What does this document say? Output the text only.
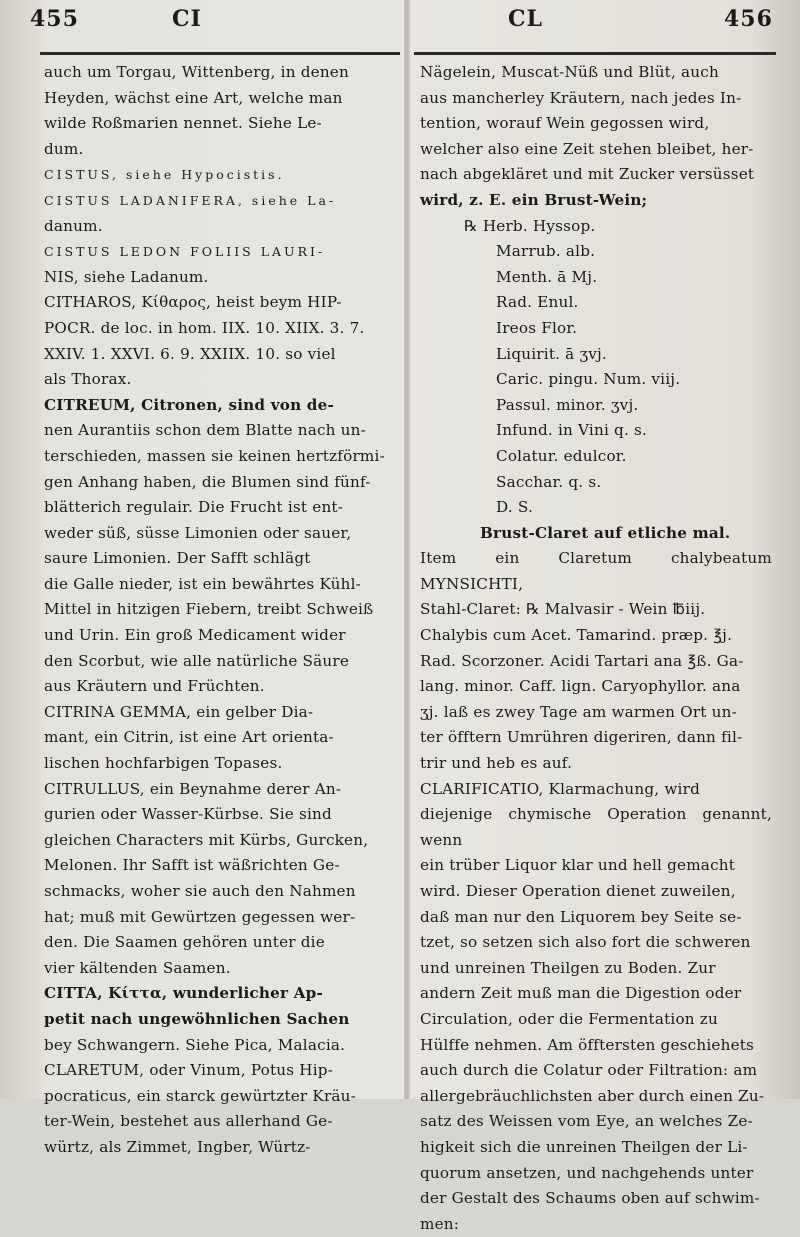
455	CI	CL	456

auch um Torgau, Wittenberg, in denen

Heyden, wächst eine Art, welche man

wilde Roßmarien nennet. Siehe Le-

dum.

CISTUS, siehe Hypocistis.

CISTUS LADANIFERA, siehe La-

danum.

CISTUS LEDON FOLIIS LAURI-

NIS, siehe Ladanum.

CITHAROS, Κίθαρος, heist beym HIP-

POCR. de loc. in hom. IIX. 10. XIIX. 3. 7.

XXIV. 1. XXVI. 6. 9. XXIIX. 10. so viel

als Thorax.

CITREUM, Citronen, sind von de-

nen Aurantiis schon dem Blatte nach un-

terschieden, massen sie keinen hertzförmi-

gen Anhang haben, die Blumen sind fünf-

blätterich regulair. Die Frucht ist ent-

weder süß, süsse Limonien oder sauer,

saure Limonien. Der Safft schlägt

die Galle nieder, ist ein bewährtes Kühl-

Mittel in hitzigen Fiebern, treibt Schweiß

und Urin. Ein groß Medicament wider

den Scorbut, wie alle natürliche Säure

aus Kräutern und Früchten.

CITRINA GEMMA, ein gelber Dia-

mant, ein Citrin, ist eine Art orienta-

lischen hochfarbigen Topases.

CITRULLUS, ein Beynahme derer An-

gurien oder Wasser-Kürbse. Sie sind

gleichen Characters mit Kürbs, Gurcken,

Melonen. Ihr Safft ist wäßrichten Ge-

schmacks, woher sie auch den Nahmen

hat; muß mit Gewürtzen gegessen wer-

den. Die Saamen gehören unter die

vier kältenden Saamen.

CITTA, Κίττα, wunderlicher Ap-

petit nach ungewöhnlichen Sachen

bey Schwangern. Siehe Pica, Malacia.

CLARETUM, oder Vinum, Potus Hip-

pocraticus, ein starck gewürtzter Kräu-

ter-Wein, bestehet aus allerhand Ge-

würtz, als Zimmet, Ingber, Würtz-

Nägelein, Muscat-Nüß und Blüt, auch

aus mancherley Kräutern, nach jedes In-

tention, worauf Wein gegossen wird,

welcher also eine Zeit stehen bleibet, her-

nach abgekläret und mit Zucker versüsset

wird, z. E. ein Brust-Wein;

℞ Herb. Hyssop.

Marrub. alb.

Menth. ā Mj.

Rad. Enul.

Ireos Flor.

Liquirit. ā ʒvj.

Caric. pingu. Num. viij.

Passul. minor. ʒvj.

Infund. in Vini q. s.

Colatur. edulcor.

Sacchar. q. s.

D. S.

Brust-Claret auf etliche mal.

Item ein Claretum chalybeatum MYNSICHTI,

Stahl-Claret: ℞ Malvasir - Wein ℔iij.

Chalybis cum Acet. Tamarind. præp. ℥j.

Rad. Scorzoner. Acidi Tartari ana ℥ß. Ga-

lang. minor. Caff. lign. Caryophyllor. ana

ʒj. laß es zwey Tage am warmen Ort un-

ter öfftern Umrühren digeriren, dann fil-

trir und heb es auf.

CLARIFICATIO, Klarmachung, wird

diejenige chymische Operation genannt, wenn

ein trüber Liquor klar und hell gemacht

wird. Dieser Operation dienet zuweilen,

daß man nur den Liquorem bey Seite se-

tzet, so setzen sich also fort die schweren

und unreinen Theilgen zu Boden. Zur

andern Zeit muß man die Digestion oder

Circulation, oder die Fermentation zu

Hülffe nehmen. Am öfftersten geschiehets

auch durch die Colatur oder Filtration: am

allergebräuchlichsten aber durch einen Zu-

satz des Weissen vom Eye, an welches Ze-

higkeit sich die unreinen Theilgen der Li-

quorum ansetzen, und nachgehends unter

der Gestalt des Schaums oben auf schwim-

men:
